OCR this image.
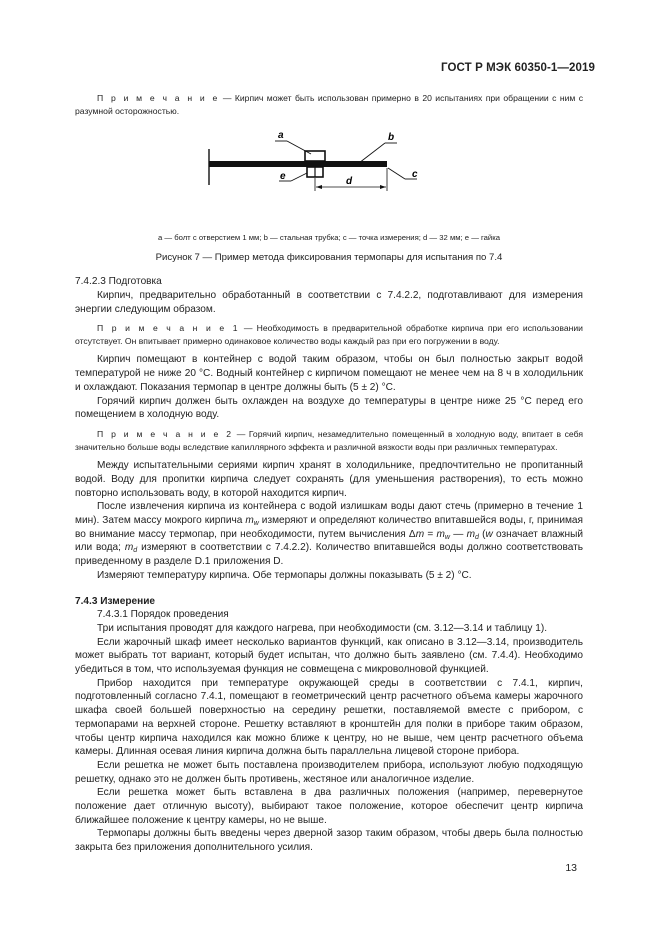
ГОСТ Р МЭК 60350-1—2019

П р и м е ч а н и е — Кирпич может быть использован примерно в 20 испытаниях при обращении с ним с разумной осторожностью.

a	b
c
d
e
a — болт с отверстием 1 мм; b — стальная трубка; c — точка измерения; d — 32 мм; e — гайка
Рисунок 7 — Пример метода фиксирования термопары для испытания по 7.4

7.4.2.3 Подготовка

Кирпич, предварительно обработанный в соответствии с 7.4.2.2, подготавливают для измерения энергии следующим образом.

П р и м е ч а н и е 1 — Необходимость в предварительной обработке кирпича при его использовании отсутствует. Он впитывает примерно одинаковое количество воды каждый раз при его погружении в воду.

Кирпич помещают в контейнер с водой таким образом, чтобы он был полностью закрыт водой температурой не ниже 20 °C. Водный контейнер с кирпичом помещают не менее чем на 8 ч в холодильник и охлаждают. Показания термопар в центре должны быть (5 ± 2) °C.

Горячий кирпич должен быть охлажден на воздухе до температуры в центре ниже 25 °C перед его помещением в холодную воду.

П р и м е ч а н и е 2 — Горячий кирпич, незамедлительно помещенный в холодную воду, впитает в себя значительно больше воды вследствие капиллярного эффекта и различной вязкости воды при различных температурах.

Между испытательными сериями кирпич хранят в холодильнике, предпочтительно не пропитанный водой. Воду для пропитки кирпича следует сохранять (для уменьшения растворения), то есть можно повторно использовать воду, в которой находится кирпич.

После извлечения кирпича из контейнера с водой излишкам воды дают стечь (примерно в течение 1 мин). Затем массу мокрого кирпича $m_w$ измеряют и определяют количество впитавшейся воды, г, принимая во внимание массу термопар, при необходимости, путем вычисления $\Delta m = m_w$ — $m_d$ (w означает влажный или вода; $m_d$ измеряют в соответствии с 7.4.2.2). Количество впитавшейся воды должно соответствовать приведенному в разделе D.1 приложения D.

Измеряют температуру кирпича. Обе термопары должны показывать (5 ± 2) °C.

7.4.3 Измерение

7.4.3.1 Порядок проведения

Три испытания проводят для каждого нагрева, при необходимости (см. 3.12—3.14 и таблицу 1).

Если жарочный шкаф имеет несколько вариантов функций, как описано в 3.12—3.14, производитель может выбрать тот вариант, который будет испытан, что должно быть заявлено (см. 7.4.4). Необходимо убедиться в том, что используемая функция не совмещена с микроволновой функцией.

Прибор находится при температуре окружающей среды в соответствии с 7.4.1, кирпич, подготовленный согласно 7.4.1, помещают в геометрический центр расчетного объема камеры жарочного шкафа своей большей поверхностью на середину решетки, поставляемой вместе с прибором, с термопарами на верхней стороне. Решетку вставляют в кронштейн для полки в приборе таким образом, чтобы центр кирпича находился как можно ближе к центру, но не выше, чем центр расчетного объема камеры. Длинная осевая линия кирпича должна быть параллельна лицевой стороне прибора.

Если решетка не может быть поставлена производителем прибора, используют любую подходящую решетку, однако это не должен быть противень, жестяное или аналогичное изделие.

Если решетка может быть вставлена в два различных положения (например, перевернутое положение дает отличную высоту), выбирают такое положение, которое обеспечит центр кирпича ближайшее положение к центру камеры, но не выше.

Термопары должны быть введены через дверной зазор таким образом, чтобы дверь была полностью закрыта без приложения дополнительного усилия.

13
